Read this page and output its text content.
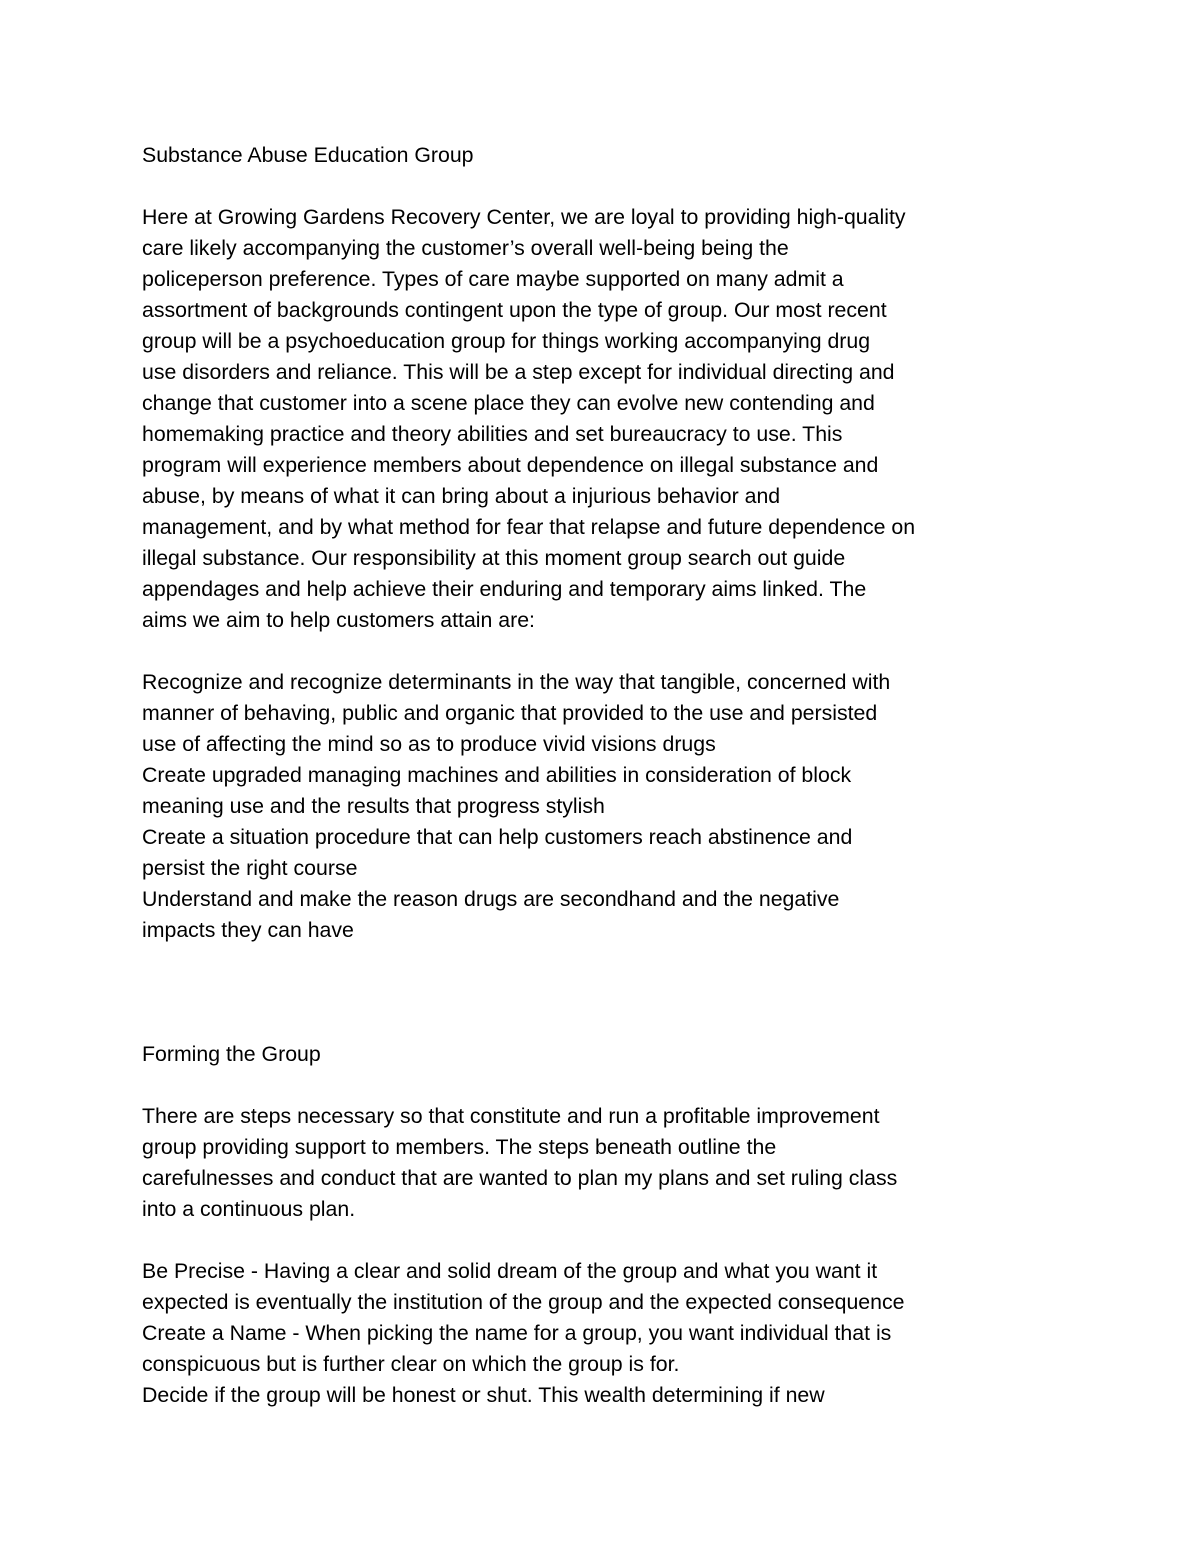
Substance Abuse Education Group
Here at Growing Gardens Recovery Center, we are loyal to providing high-quality
care likely accompanying the customer’s overall well-being being the
policeperson preference. Types of care maybe supported on many admit a
assortment of backgrounds contingent upon the type of group. Our most recent
group will be a psychoeducation group for things working accompanying drug
use disorders and reliance. This will be a step except for individual directing and
change that customer into a scene place they can evolve new contending and
homemaking practice and theory abilities and set bureaucracy to use. This
program will experience members about dependence on illegal substance and
abuse, by means of what it can bring about a injurious behavior and
management, and by what method for fear that relapse and future dependence on
illegal substance. Our responsibility at this moment group search out guide
appendages and help achieve their enduring and temporary aims linked. The
aims we aim to help customers attain are:
Recognize and recognize determinants in the way that tangible, concerned with
manner of behaving, public and organic that provided to the use and persisted
use of affecting the mind so as to produce vivid visions drugs
Create upgraded managing machines and abilities in consideration of block
meaning use and the results that progress stylish
Create a situation procedure that can help customers reach abstinence and
persist the right course
Understand and make the reason drugs are secondhand and the negative
impacts they can have
Forming the Group
There are steps necessary so that constitute and run a profitable improvement
group providing support to members. The steps beneath outline the
carefulnesses and conduct that are wanted to plan my plans and set ruling class
into a continuous plan.
Be Precise - Having a clear and solid dream of the group and what you want it
expected is eventually the institution of the group and the expected consequence
Create a Name - When picking the name for a group, you want individual that is
conspicuous but is further clear on which the group is for.
Decide if the group will be honest or shut. This wealth determining if new
